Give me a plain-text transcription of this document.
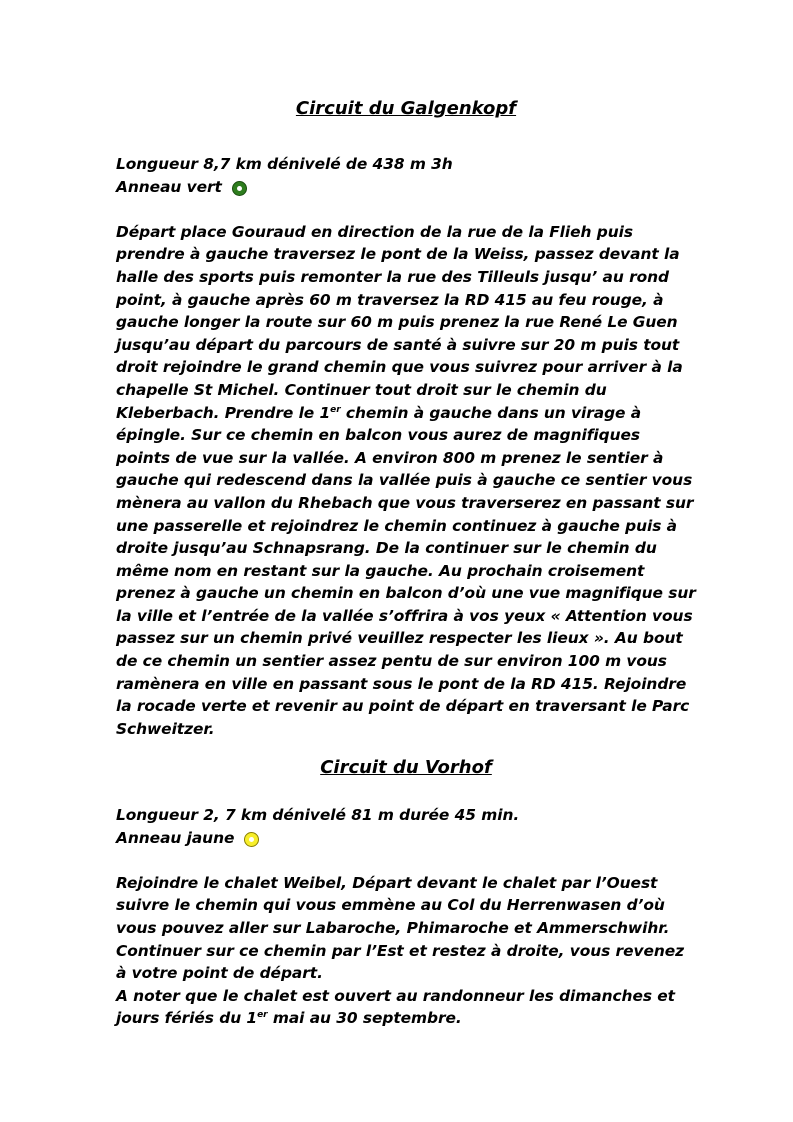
Circuit du Galgenkopf

Longueur 8,7 km dénivelé de 438 m 3h

Anneau vert

Départ place Gouraud en direction de la rue de la Flieh puis prendre à gauche traversez le pont de la Weiss, passez devant la halle des sports puis remonter la rue des Tilleuls jusqu’ au rond point, à gauche après 60 m traversez la RD 415 au feu rouge, à gauche longer la route sur 60 m puis prenez la rue René Le Guen jusqu’au départ du parcours de santé à suivre sur 20 m puis tout droit rejoindre le grand chemin que vous suivrez pour arriver à la chapelle St Michel. Continuer tout droit sur le chemin du Kleberbach. Prendre le 1er chemin à gauche dans un virage à épingle. Sur ce chemin en balcon vous aurez de magnifiques points de vue sur la vallée. A environ 800 m prenez le sentier à gauche qui redescend dans la vallée puis à gauche ce sentier vous mènera au vallon du Rhebach que vous traverserez en passant sur une passerelle et rejoindrez le chemin continuez à gauche puis à droite jusqu’au Schnapsrang. De la continuer sur le chemin du même nom en restant sur la gauche. Au prochain croisement prenez à gauche un chemin en balcon d’où une vue magnifique sur la ville et l’entrée de la vallée s’offrira à vos yeux « Attention vous passez sur un chemin privé veuillez respecter les lieux ». Au bout de ce chemin un sentier assez pentu de sur environ 100 m vous ramènera en ville en passant sous le pont de la RD 415. Rejoindre la rocade verte et revenir au point de départ en traversant le Parc Schweitzer.

Circuit du Vorhof

Longueur 2, 7 km dénivelé 81 m durée 45 min.

Anneau jaune

Rejoindre le chalet Weibel, Départ devant le chalet par l’Ouest suivre le chemin qui vous emmène au Col du Herrenwasen d’où vous pouvez aller sur Labaroche, Phimaroche et Ammerschwihr. Continuer sur ce chemin par l’Est et restez à droite, vous revenez à votre point de départ.

A noter que le chalet est ouvert au randonneur les dimanches et jours fériés du 1er mai au 30 septembre.
